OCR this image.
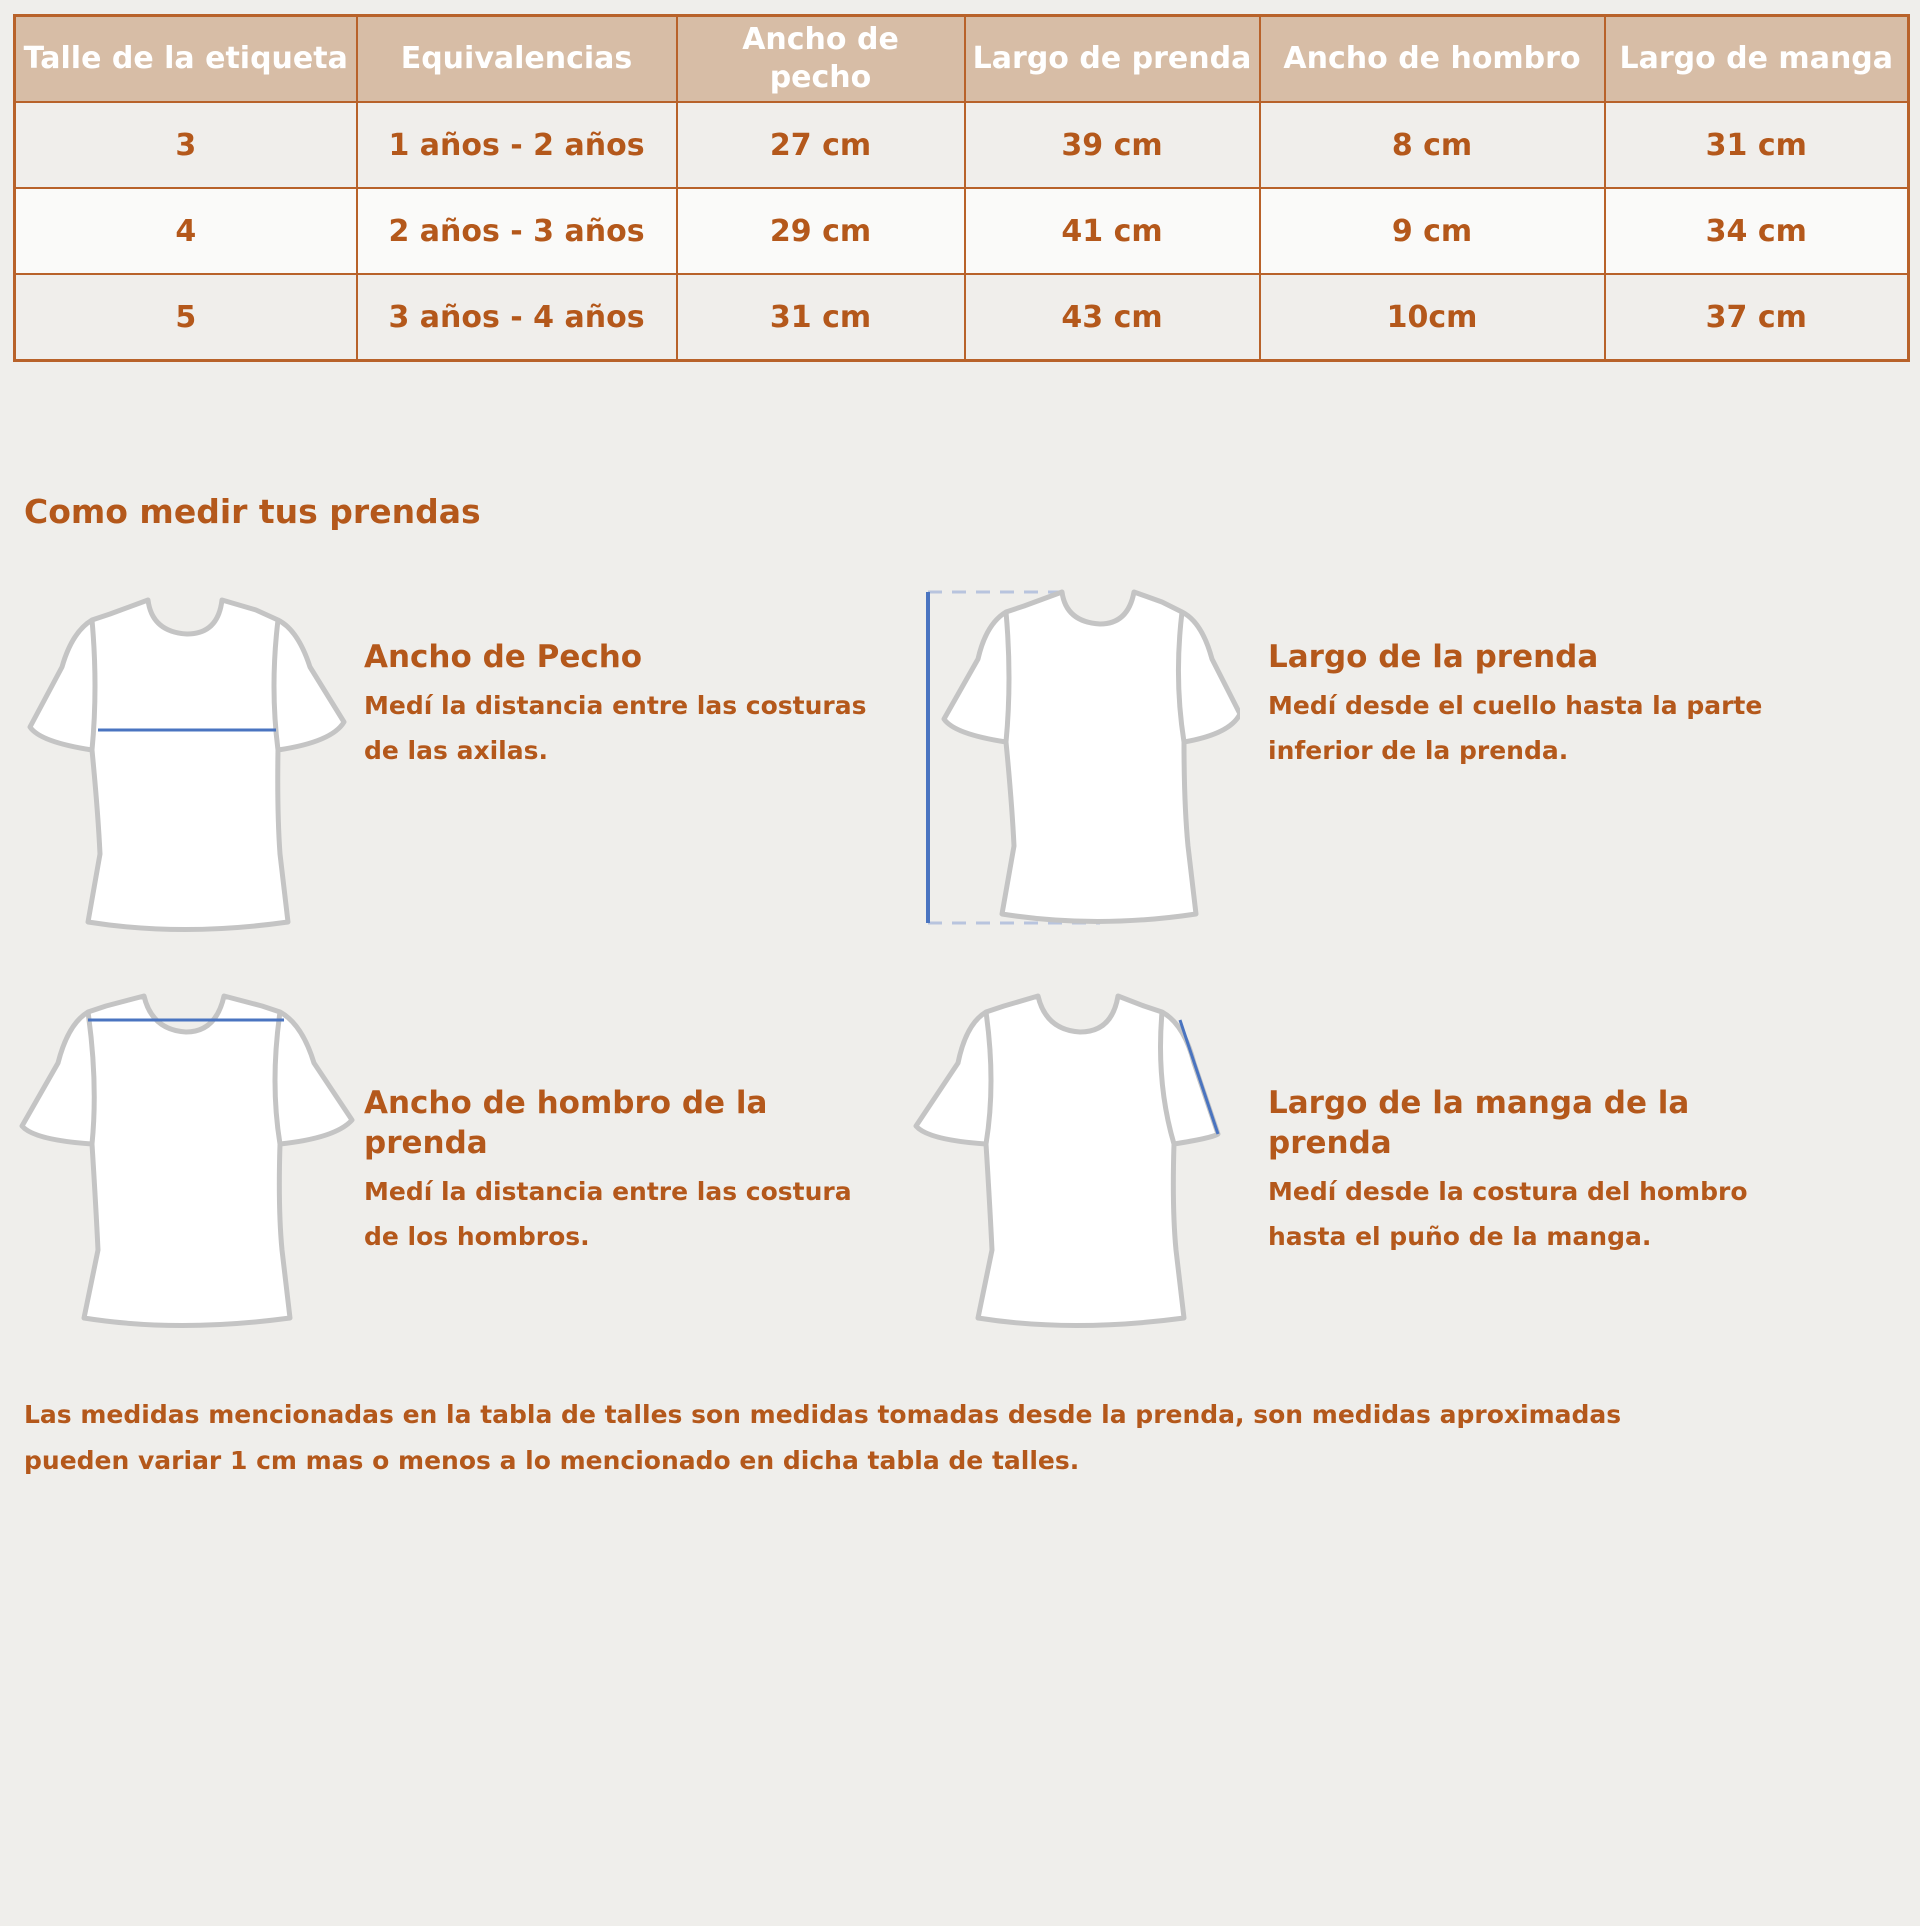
Talle de la etiqueta	Equivalencias	Ancho de pecho	Largo de prenda	Ancho de hombro	Largo de manga
3	1 años - 2 años	27 cm	39 cm	8 cm	31 cm
4	2 años - 3 años	29 cm	41 cm	9 cm	34 cm
5	3 años - 4 años	31 cm	43 cm	10cm	37 cm
Como medir tus prendas
Ancho de Pecho

Medí la distancia entre las costuras de las axilas.

Largo de la prenda

Medí desde el cuello hasta la parte inferior de la prenda.

Ancho de hombro de la prenda

Medí la distancia entre las costura de los hombros.

Largo de la manga de la prenda

Medí desde la costura del hombro hasta el puño de la manga.

Las medidas mencionadas en la tabla de talles son medidas tomadas desde la prenda, son medidas aproximadas pueden variar 1 cm mas o menos a lo mencionado en dicha tabla de talles.
